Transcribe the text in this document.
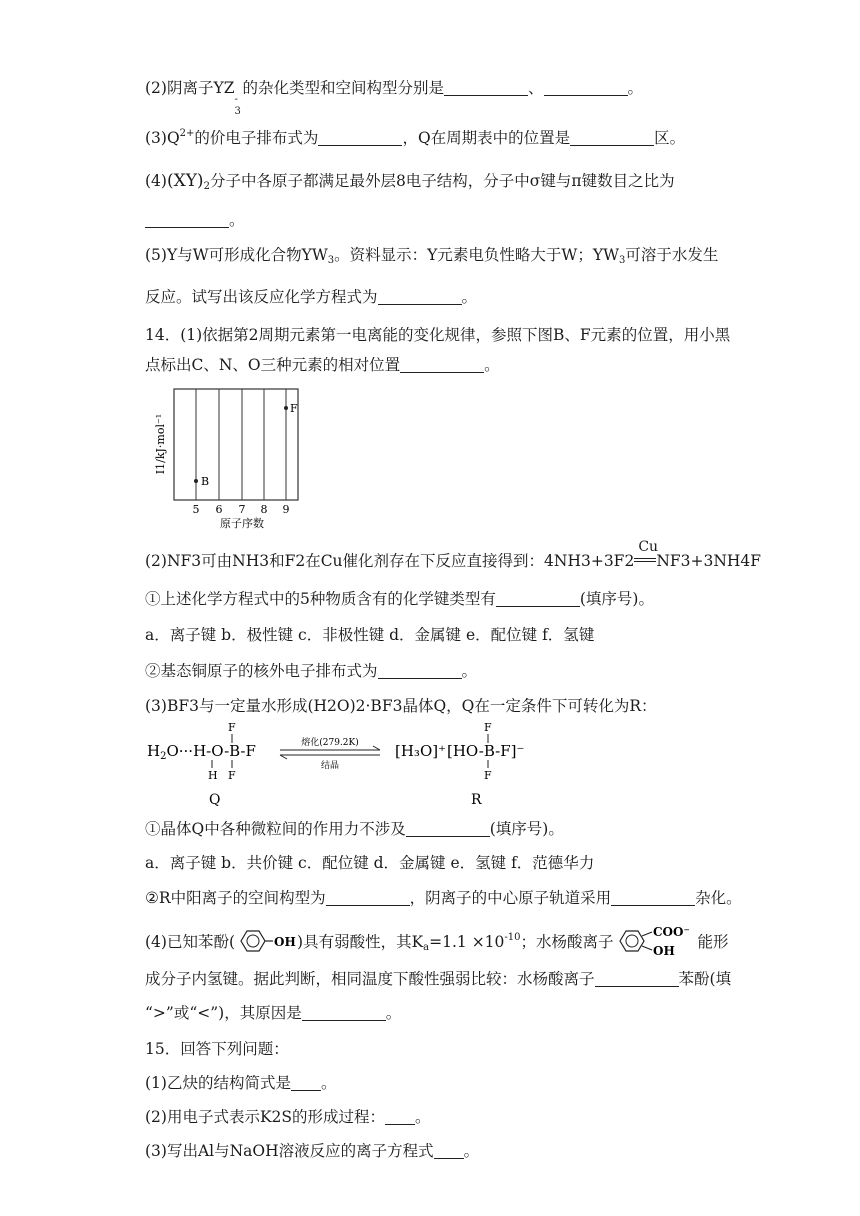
(2)阴离子YZ
-
3
的杂化类型和空间构型分别是	、	。
$(3)Q^{2+}$的价电子排布式为	，Q在周期表中的位置是	区。
$(4)(XY)_2$分子中各原子都满足最外层8电子结构，分子中σ键与π键数目之比为
。
(5)Y与W可形成化合物$YW_3$。资料显示：Y元素电负性略大于W；$YW_3$可溶于水发生
反应。试写出该反应化学方程式为	。
14．(1)依据第2周期元素第一电离能的变化规律，参照下图B、F元素的位置，用小黑
点标出C、N、O三种元素的相对位置	。
I1/kJ·mol⁻¹
B
F
5 6 7 8 9
原子序数
(2)NF3可由NH3和F2在Cu催化剂存在下反应直接得到：4NH3+3F2
Cu
NF3+3NH4F
①上述化学方程式中的5种物质含有的化学键类型有	(填序号)。
a．离子键 b．极性键 c．非极性键 d．金属键 e．配位键 f．氢键
②基态铜原子的核外电子排布式为	。
(3)BF3与一定量水形成(H2O)2·BF3晶体Q，Q在一定条件下可转化为R：
$H_2O\cdot\cdot\cdot H-O-B-F$
F
F
H
Q
熔化(279.2K)
结晶
[H₃O]⁺ [HO-B-F]⁻
F
F
R
①晶体Q中各种微粒间的作用力不涉及	(填序号)。
a．离子键 b．共价键 c．配位键 d．金属键 e．氢键 f．范德华力
②R中阳离子的空间构型为	，阴离子的中心原子轨道采用	杂化。
(4)已知苯酚(	OH )具有弱酸性，其$K_a=1.1 \times 10^{-10}$；水杨酸离子
COO⁻
OH 能形
成分子内氢键。据此判断，相同温度下酸性强弱比较：水杨酸离子	苯酚(填
“>”或“<”)，其原因是	。
15．回答下列问题：
(1)乙炔的结构简式是 。
(2)用电子式表示K2S的形成过程： 。
(3)写出Al与NaOH溶液反应的离子方程式 。
